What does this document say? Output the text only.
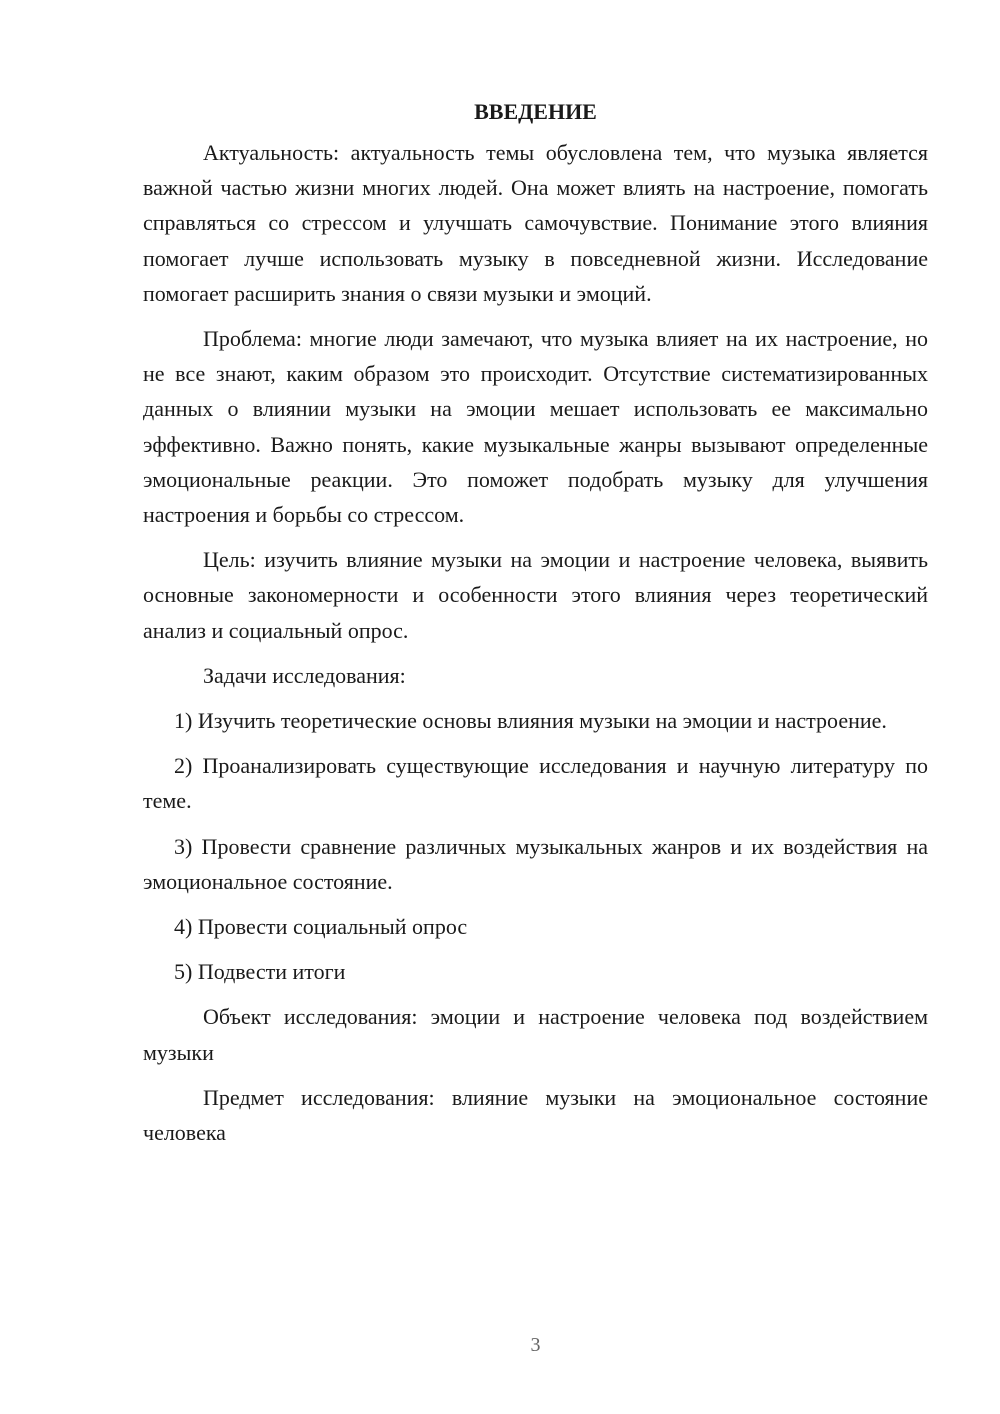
ВВЕДЕНИЕ

Актуальность: актуальность темы обусловлена тем, что музыка является важной частью жизни многих людей. Она может влиять на настроение, помогать справляться со стрессом и улучшать самочувствие. Понимание этого влияния помогает лучше использовать музыку в повседневной жизни. Исследование помогает расширить знания о связи музыки и эмоций.

Проблема: многие люди замечают, что музыка влияет на их настроение, но не все знают, каким образом это происходит. Отсутствие систематизированных данных о влиянии музыки на эмоции мешает использовать ее максимально эффективно. Важно понять, какие музыкальные жанры вызывают определенные эмоциональные реакции. Это поможет подобрать музыку для улучшения настроения и борьбы со стрессом.

Цель: изучить влияние музыки на эмоции и настроение человека, выявить основные закономерности и особенности этого влияния через теоретический анализ и социальный опрос.

Задачи исследования:

1) Изучить теоретические основы влияния музыки на эмоции и настроение.

2) Проанализировать существующие исследования и научную литературу по теме.

3) Провести сравнение различных музыкальных жанров и их воздействия на эмоциональное состояние.

4) Провести социальный опрос

5) Подвести итоги

Объект исследования: эмоции и настроение человека под воздействием музыки

Предмет исследования: влияние музыки на эмоциональное состояние человека

3
